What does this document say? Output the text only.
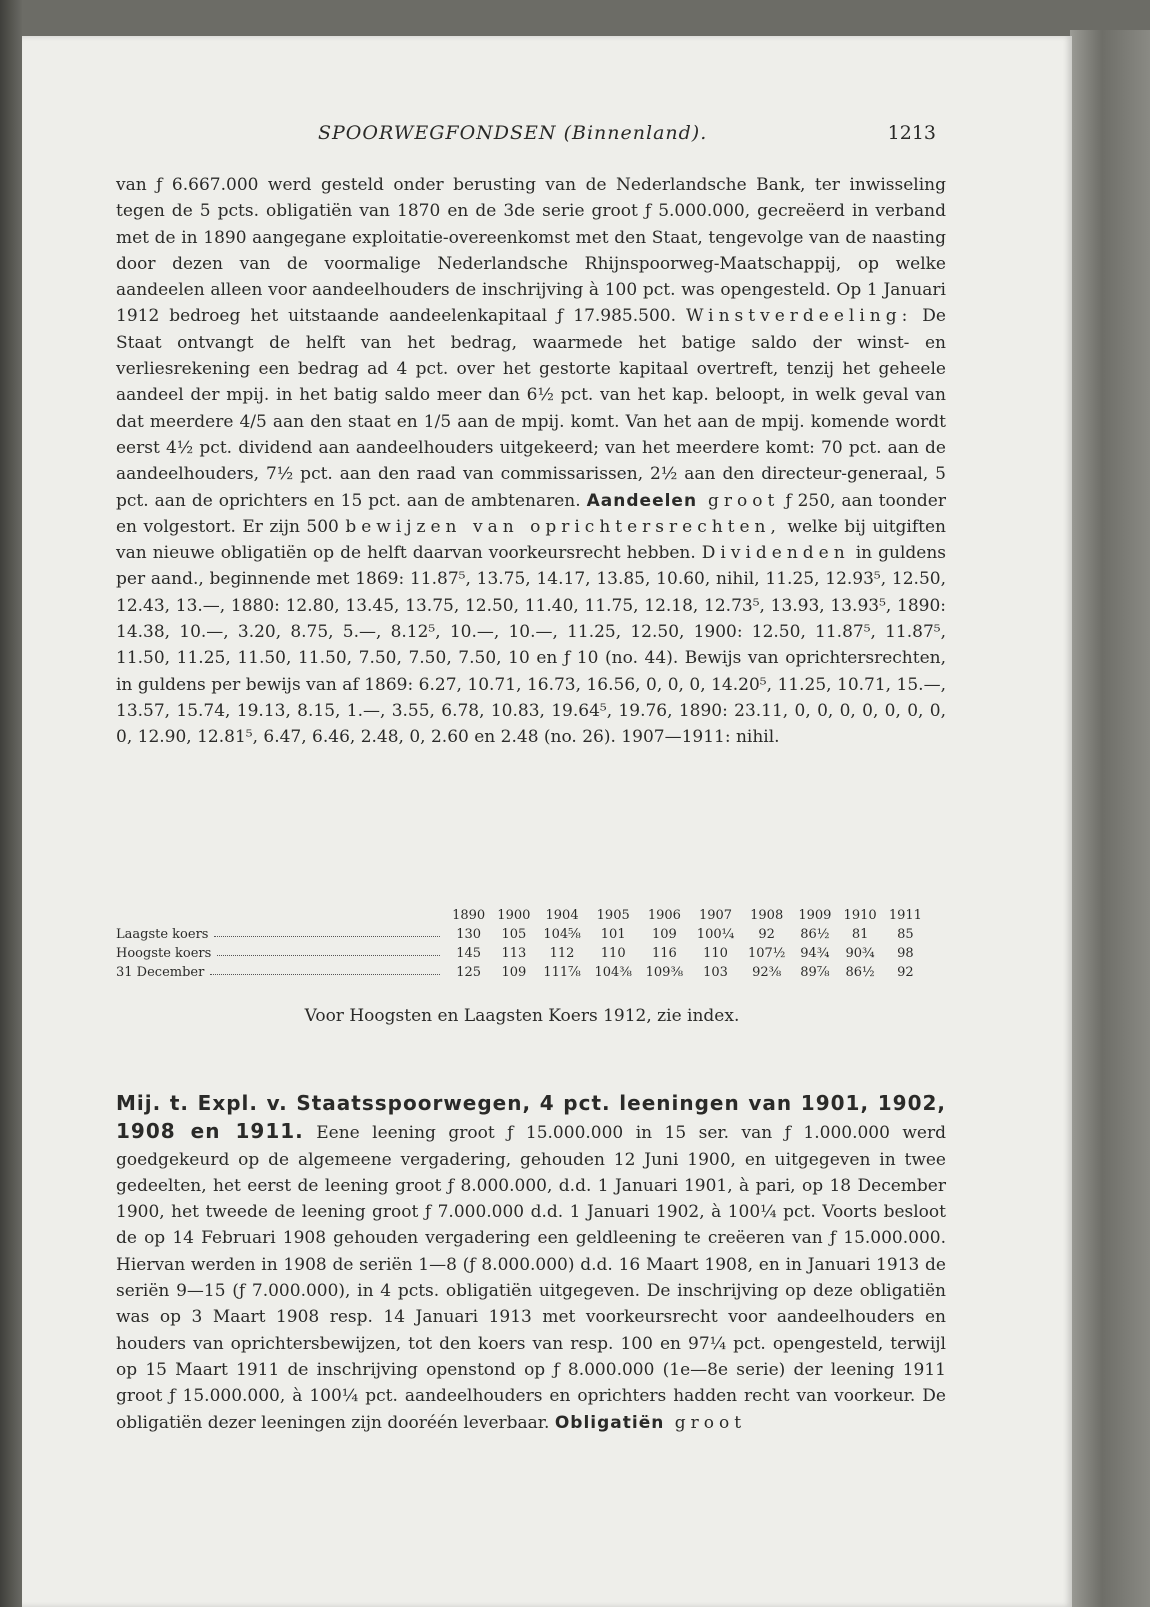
SPOORWEGFONDSEN (Binnenland).	1213

van ƒ 6.667.000 werd gesteld onder berusting van de Nederlandsche Bank, ter inwisseling tegen de 5 pcts. obligatiën van 1870 en de 3de serie groot ƒ 5.000.000, gecreëerd in verband met de in 1890 aangegane exploitatie-overeenkomst met den Staat, tengevolge van de naasting door dezen van de voormalige Nederlandsche Rhijnspoorweg-Maatschappij, op welke aandeelen alleen voor aandeelhouders de inschrijving à 100 pct. was opengesteld. Op 1 Januari 1912 bedroeg het uitstaande aandeelenkapitaal ƒ 17.985.500. Winstverdeeling: De Staat ontvangt de helft van het bedrag, waarmede het batige saldo der winst- en verliesrekening een bedrag ad 4 pct. over het gestorte kapitaal overtreft, tenzij het geheele aandeel der mpij. in het batig saldo meer dan 6½ pct. van het kap. beloopt, in welk geval van dat meerdere 4/5 aan den staat en 1/5 aan de mpij. komt. Van het aan de mpij. komende wordt eerst 4½ pct. dividend aan aandeelhouders uitgekeerd; van het meerdere komt: 70 pct. aan de aandeelhouders, 7½ pct. aan den raad van commissarissen, 2½ aan den directeur-generaal, 5 pct. aan de oprichters en 15 pct. aan de ambtenaren. Aandeelen groot ƒ 250, aan toonder en volgestort. Er zijn 500 bewijzen van oprichtersrechten, welke bij uitgiften van nieuwe obligatiën op de helft daarvan voorkeursrecht hebben. Dividenden in guldens per aand., beginnende met 1869: 11.87⁵, 13.75, 14.17, 13.85, 10.60, nihil, 11.25, 12.93⁵, 12.50, 12.43, 13.—, 1880: 12.80, 13.45, 13.75, 12.50, 11.40, 11.75, 12.18, 12.73⁵, 13.93, 13.93⁵, 1890: 14.38, 10.—, 3.20, 8.75, 5.—, 8.12⁵, 10.—, 10.—, 11.25, 12.50, 1900: 12.50, 11.87⁵, 11.87⁵, 11.50, 11.25, 11.50, 11.50, 7.50, 7.50, 7.50, 10 en ƒ 10 (no. 44). Bewijs van oprichtersrechten, in guldens per bewijs van af 1869: 6.27, 10.71, 16.73, 16.56, 0, 0, 0, 14.20⁵, 11.25, 10.71, 15.—, 13.57, 15.74, 19.13, 8.15, 1.—, 3.55, 6.78, 10.83, 19.64⁵, 19.76, 1890: 23.11, 0, 0, 0, 0, 0, 0, 0, 0, 12.90, 12.81⁵, 6.47, 6.46, 2.48, 0, 2.60 en 2.48 (no. 26). 1907—1911: nihil.

	1890	1900	1904	1905	1906	1907	1908	1909	1910	1911

Laagste koers	130	105	104⅝	101	109	100¼	92	86½	81	85

Hoogste koers	145	113	112	110	116	110	107½	94¾	90¾	98

31 December	125	109	111⅞	104⅜	109⅜	103	92⅜	89⅞	86½	92
Voor Hoogsten en Laagsten Koers 1912, zie index.

Mij. t. Expl. v. Staatsspoorwegen, 4 pct. leeningen van 1901, 1902, 1908 en 1911. Eene leening groot ƒ 15.000.000 in 15 ser. van ƒ 1.000.000 werd goedgekeurd op de algemeene vergadering, gehouden 12 Juni 1900, en uitgegeven in twee gedeelten, het eerst de leening groot ƒ 8.000.000, d.d. 1 Januari 1901, à pari, op 18 December 1900, het tweede de leening groot ƒ 7.000.000 d.d. 1 Januari 1902, à 100¼ pct. Voorts besloot de op 14 Februari 1908 gehouden vergadering een geldleening te creëeren van ƒ 15.000.000. Hiervan werden in 1908 de seriën 1—8 (ƒ 8.000.000) d.d. 16 Maart 1908, en in Januari 1913 de seriën 9—15 (ƒ 7.000.000), in 4 pcts. obligatiën uitgegeven. De inschrijving op deze obligatiën was op 3 Maart 1908 resp. 14 Januari 1913 met voorkeursrecht voor aandeelhouders en houders van oprichtersbewijzen, tot den koers van resp. 100 en 97¼ pct. opengesteld, terwijl op 15 Maart 1911 de inschrijving openstond op ƒ 8.000.000 (1e—8e serie) der leening 1911 groot ƒ 15.000.000, à 100¼ pct. aandeelhouders en oprichters hadden recht van voorkeur. De obligatiën dezer leeningen zijn dooréén leverbaar. Obligatiën groot
